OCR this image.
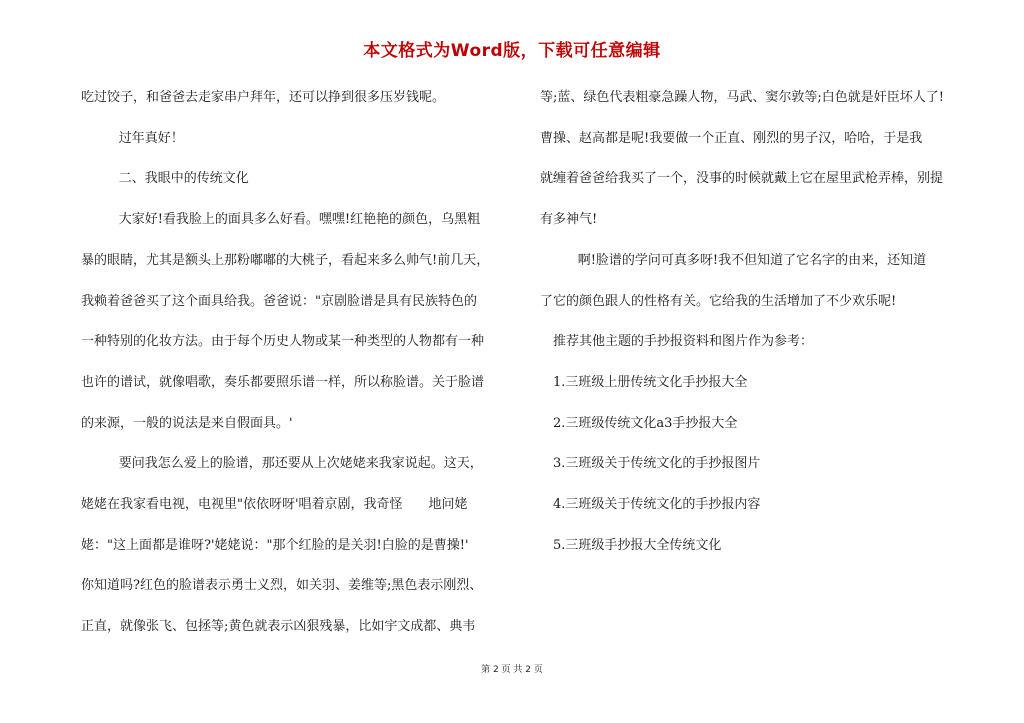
本文格式为Word版，下载可任意编辑

吃过饺子，和爸爸去走家串户拜年，还可以挣到很多压岁钱呢。

过年真好！

二、我眼中的传统文化

大家好!看我脸上的面具多么好看。嘿嘿!红艳艳的颜色，乌黑粗

暴的眼睛，尤其是额头上那粉嘟嘟的大桃子，看起来多么帅气!前几天，

我赖着爸爸买了这个面具给我。爸爸说："京剧脸谱是具有民族特色的

一种特别的化妆方法。由于每个历史人物或某一种类型的人物都有一种

也许的谱试，就像唱歌，奏乐都要照乐谱一样，所以称脸谱。关于脸谱

的来源，一般的说法是来自假面具。'

要问我怎么爱上的脸谱，那还要从上次姥姥来我家说起。这天，

姥姥在我家看电视，电视里"依依呀呀'唱着京剧，我奇怪　　地问姥

姥："这上面都是谁呀?'姥姥说："那个红脸的是关羽!白脸的是曹操!'

你知道吗?红色的脸谱表示勇士义烈，如关羽、姜维等;黑色表示刚烈、

正直，就像张飞、包拯等;黄色就表示凶狠残暴，比如宇文成都、典韦

等;蓝、绿色代表粗豪急躁人物，马武、窦尔敦等;白色就是奸臣坏人了!

曹操、赵高都是呢!我要做一个正直、刚烈的男子汉，哈哈，于是我

就缠着爸爸给我买了一个，没事的时候就戴上它在屋里武枪弄棒，别提

有多神气!

啊!脸谱的学问可真多呀!我不但知道了它名字的由来，还知道

了它的颜色跟人的性格有关。它给我的生活增加了不少欢乐呢!

推荐其他主题的手抄报资料和图片作为参考：

1.三班级上册传统文化手抄报大全

2.三班级传统文化a3手抄报大全

3.三班级关于传统文化的手抄报图片

4.三班级关于传统文化的手抄报内容

5.三班级手抄报大全传统文化

第 2 页 共 2 页
